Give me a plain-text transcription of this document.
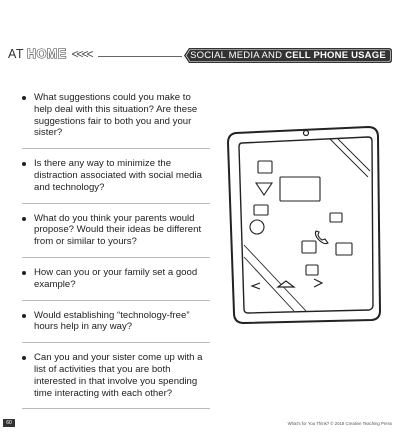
AT HOME <<<<	SOCIAL MEDIA AND CELL PHONE USAGE
What suggestions could you make to help deal with this situation? Are these suggestions fair to both you and your sister?
Is there any way to minimize the distraction associated with social media and technology?
What do you think your parents would propose? Would their ideas be different from or similar to yours?
How can you or your family set a good example?
Would establishing “technology-free” hours help in any way?
Can you and your sister come up with a list of activities that you are both interested in that involve you spending time interacting with each other?
60	What's for You Think? © 2018 Creative Teaching Press
